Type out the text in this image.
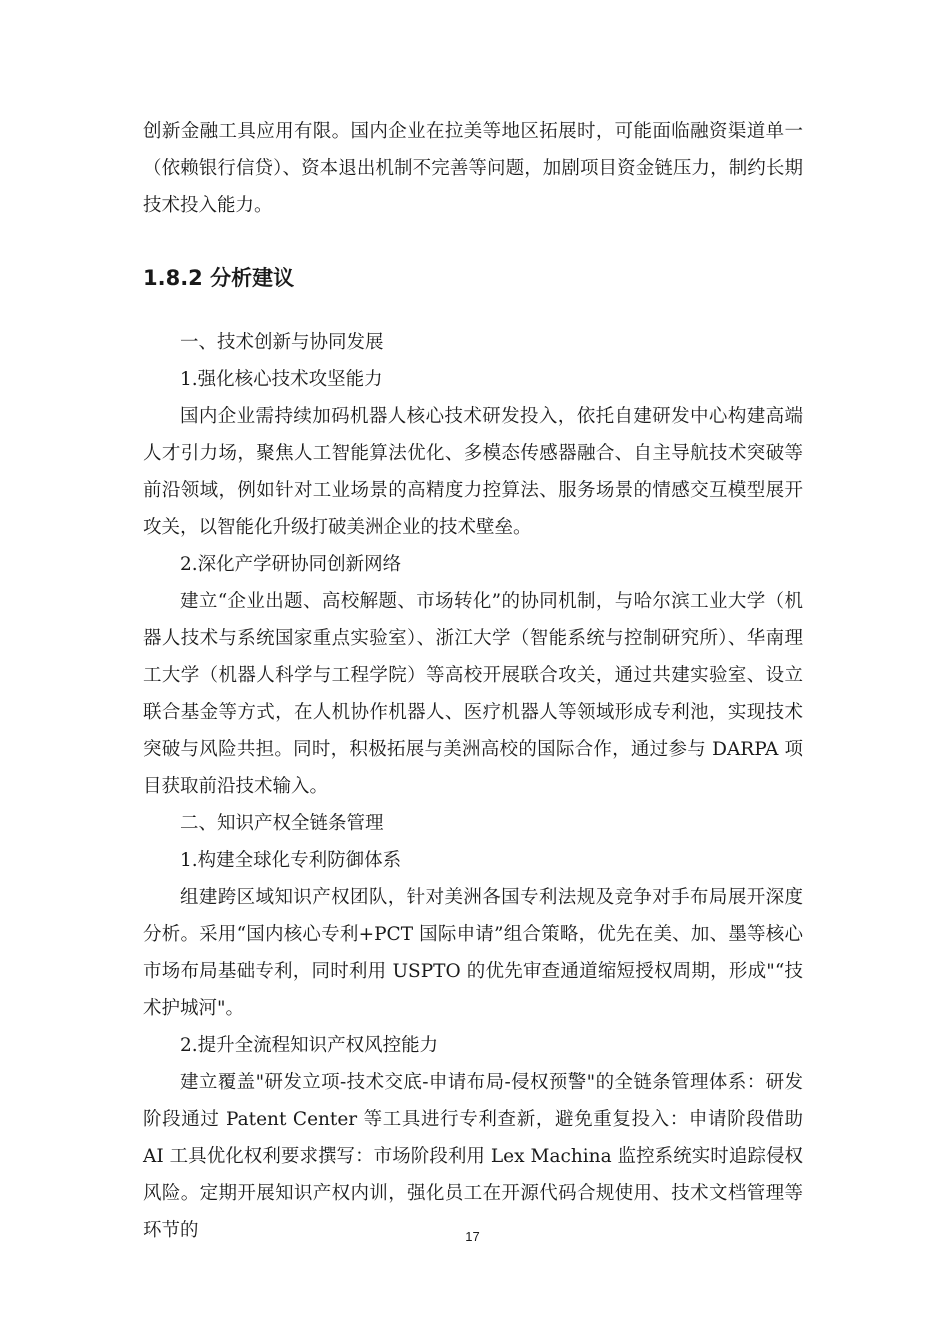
创新金融工具应用有限。国内企业在拉美等地区拓展时，可能面临融资渠道单一（依赖银行信贷）、资本退出机制不完善等问题，加剧项目资金链压力，制约长期技术投入能力。

1.8.2 分析建议

一、技术创新与协同发展

1.强化核心技术攻坚能力

国内企业需持续加码机器人核心技术研发投入，依托自建研发中心构建高端人才引力场，聚焦人工智能算法优化、多模态传感器融合、自主导航技术突破等前沿领域，例如针对工业场景的高精度力控算法、服务场景的情感交互模型展开攻关，以智能化升级打破美洲企业的技术壁垒。

2.深化产学研协同创新网络

建立“企业出题、高校解题、市场转化”的协同机制，与哈尔滨工业大学（机器人技术与系统国家重点实验室）、浙江大学（智能系统与控制研究所）、华南理工大学（机器人科学与工程学院）等高校开展联合攻关，通过共建实验室、设立联合基金等方式，在人机协作机器人、医疗机器人等领域形成专利池，实现技术突破与风险共担。同时，积极拓展与美洲高校的国际合作，通过参与 DARPA 项目获取前沿技术输入。

二、知识产权全链条管理

1.构建全球化专利防御体系

组建跨区域知识产权团队，针对美洲各国专利法规及竞争对手布局展开深度分析。采用“国内核心专利+PCT 国际申请”组合策略，优先在美、加、墨等核心市场布局基础专利，同时利用 USPTO 的优先审查通道缩短授权周期，形成"“技术护城河"。

2.提升全流程知识产权风控能力

建立覆盖"研发立项-技术交底-申请布局-侵权预警"的全链条管理体系：研发阶段通过 Patent Center 等工具进行专利查新，避免重复投入：申请阶段借助 AI 工具优化权利要求撰写：市场阶段利用 Lex Machina 监控系统实时追踪侵权风险。定期开展知识产权内训，强化员工在开源代码合规使用、技术文档管理等环节的	17
